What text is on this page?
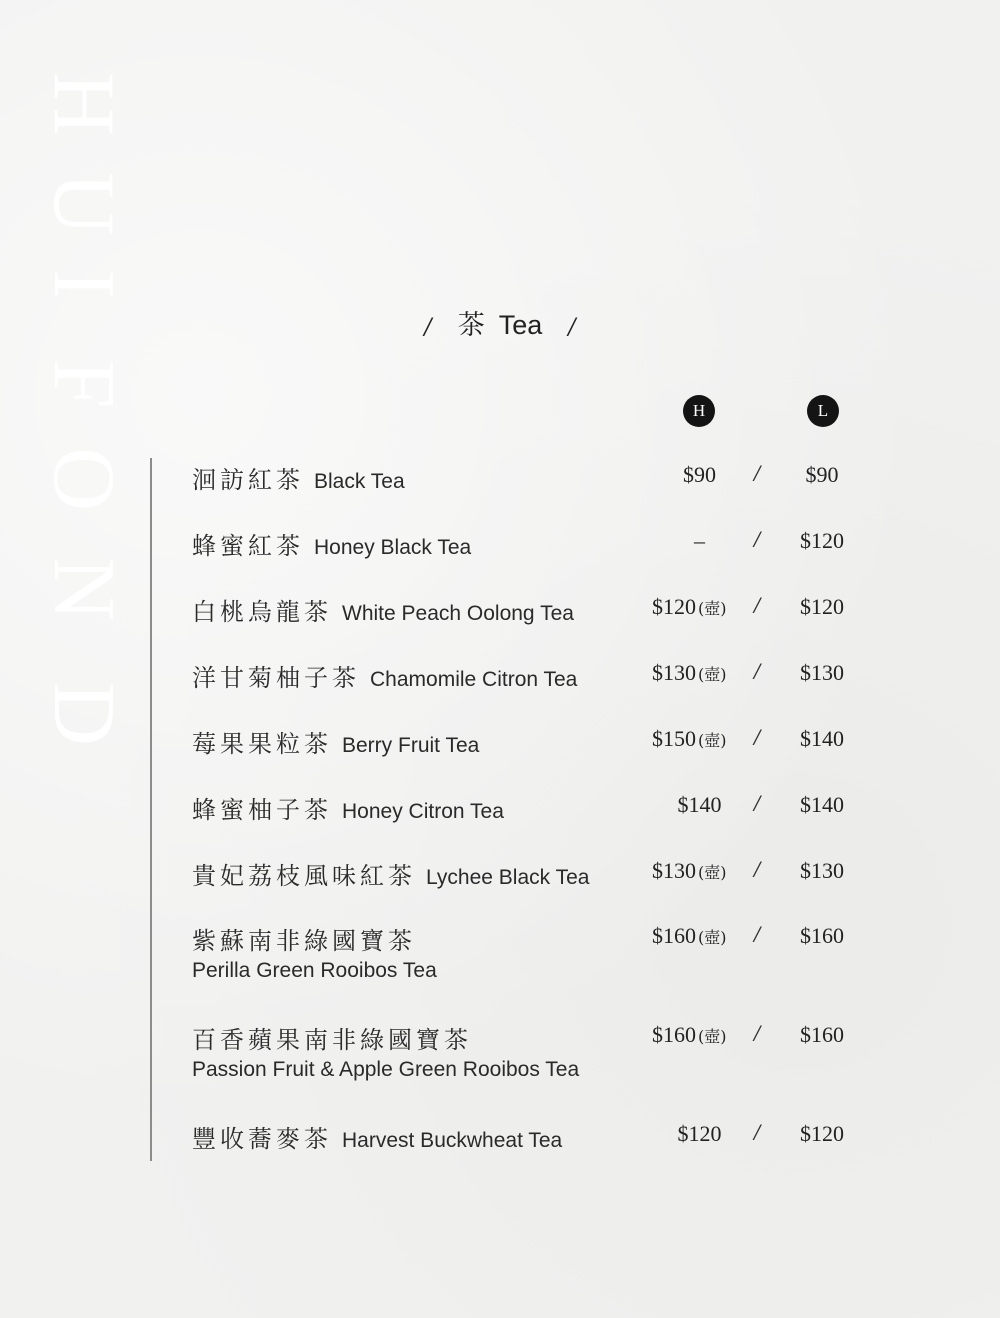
H
U
I
F
O
N
D
/ 茶 Tea /
H	L
洄訪紅茶 Black Tea	$90	/	$90
蜂蜜紅茶 Honey Black Tea	–	/	$120
白桃烏龍茶 White Peach Oolong Tea	$120 (壺) /	$120
洋甘菊柚子茶 Chamomile Citron Tea	$130 (壺) /	$130
莓果果粒茶 Berry Fruit Tea	$150 (壺) /	$140
蜂蜜柚子茶 Honey Citron Tea	$140	/	$140
貴妃荔枝風味紅茶 Lychee Black Tea	$130 (壺) /	$130
紫蘇南非綠國寶茶
Perilla Green Rooibos Tea
$160 (壺) /	$160
百香蘋果南非綠國寶茶
Passion Fruit & Apple Green Rooibos Tea
$160 (壺) /	$160
豐收蕎麥茶 Harvest Buckwheat Tea	$120	/	$120
